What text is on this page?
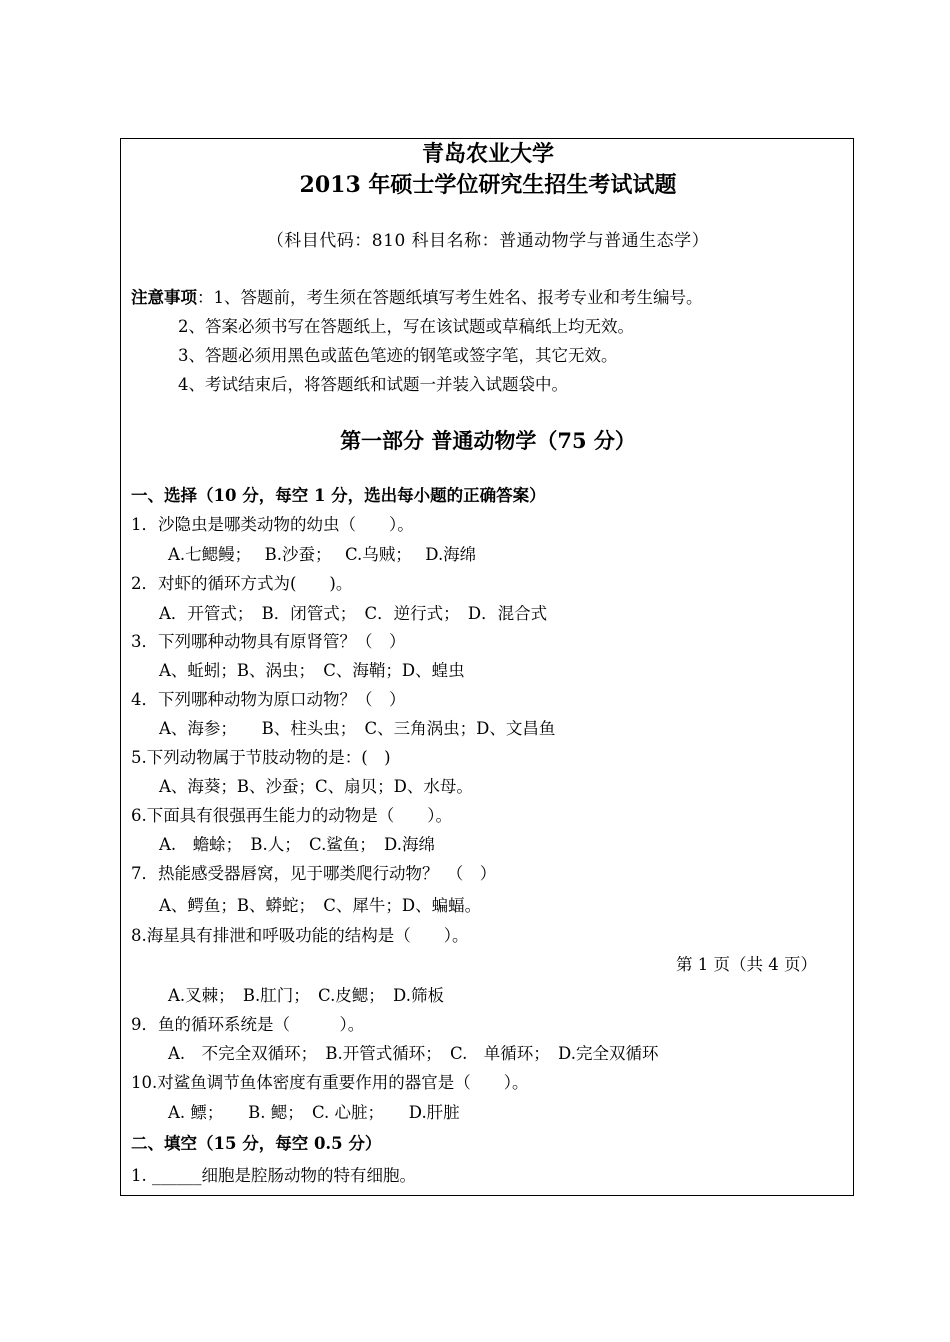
青岛农业大学
2013 年硕士学位研究生招生考试试题
（科目代码：810 科目名称：普通动物学与普通生态学）
注意事项：1、答题前，考生须在答题纸填写考生姓名、报考专业和考生编号。
2、答案必须书写在答题纸上，写在该试题或草稿纸上均无效。
3、答题必须用黑色或蓝色笔迹的钢笔或签字笔，其它无效。
4、考试结束后，将答题纸和试题一并装入试题袋中。
第一部分 普通动物学（75 分）
一、选择（10 分，每空 1 分，选出每小题的正确答案）
1．沙隐虫是哪类动物的幼虫（　　）。
A.七鳃鳗；　 B.沙蚕；　 C.乌贼；　 D.海绵
2．对虾的循环方式为(　　)。
A．开管式；　B．闭管式；　C．逆行式；　D．混合式
3．下列哪种动物具有原肾管？（　）
A、蚯蚓；B、涡虫；　C、海鞘；D、蝗虫
4．下列哪种动物为原口动物？（　）
A、海参；　　B、柱头虫；　C、三角涡虫；D、文昌鱼
5.下列动物属于节肢动物的是：(　)
A、海葵；B、沙蚕；C、扇贝；D、水母。
6.下面具有很强再生能力的动物是（　　）。
A.　蟾蜍；　B.人；　C.鲨鱼；　D.海绵
7．热能感受器唇窝，见于哪类爬行动物？　（　）
A、鳄鱼；B、蟒蛇；　C、犀牛；D、蝙蝠。
8.海星具有排泄和呼吸功能的结构是（　　）。
第 1 页（共 4 页）
A.叉棘；　B.肛门；　C.皮鳃；　D.筛板
9．鱼的循环系统是（　　　）。
A.　不完全双循环；　B.开管式循环；　C.　单循环；　D.完全双循环
10.对鲨鱼调节鱼体密度有重要作用的器官是（　　）。
A. 鳔；　　B. 鳃；　C. 心脏；　　D.肝脏
二、填空（15 分，每空 0.5 分）
1. ______细胞是腔肠动物的特有细胞。
